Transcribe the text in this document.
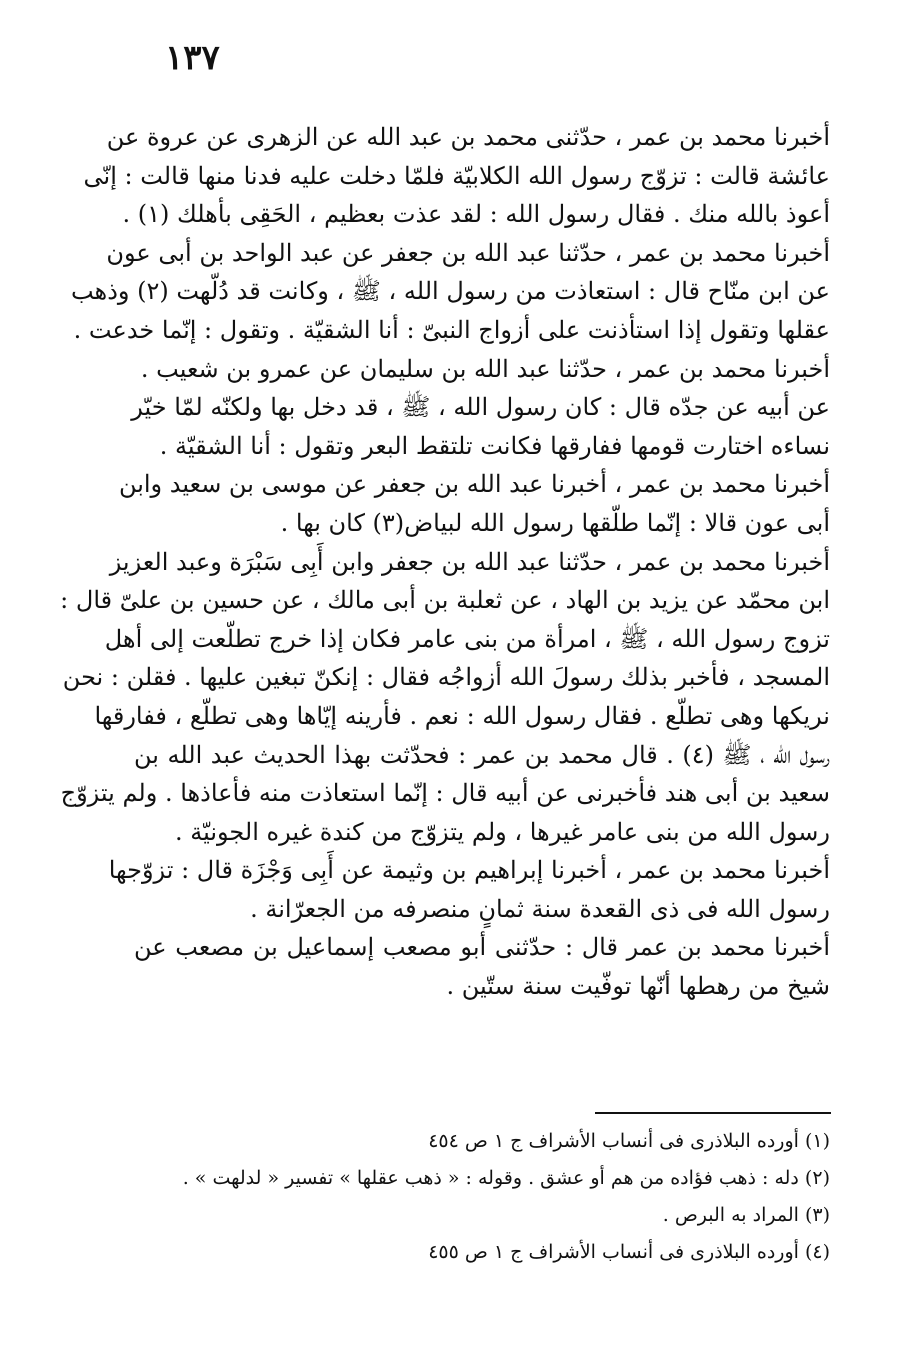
١٣٧

أخبرنا محمد بن عمر ، حدّثنى محمد بن عبد الله عن الزهرى عن عروة عن
عائشة قالت : تزوّج رسول الله الكلابيّة فلمّا دخلت عليه فدنا منها قالت : إنّى
أعوذ بالله منك . فقال رسول الله : لقد عذت بعظيم ، الحَقِى بأهلك (١) .

أخبرنا محمد بن عمر ، حدّثنا عبد الله بن جعفر عن عبد الواحد بن أبى عون
عن ابن منّاح قال : استعاذت من رسول الله ، ﷺ ، وكانت قد دُلّهت (٢) وذهب
عقلها وتقول إذا استأذنت على أزواج النبىّ : أنا الشقيّة . وتقول : إنّما خدعت .

أخبرنا محمد بن عمر ، حدّثنا عبد الله بن سليمان عن عمرو بن شعيب .

عن أبيه عن جدّه قال : كان رسول الله ، ﷺ ، قد دخل بها ولكنّه لمّا خيّر
نساءه اختارت قومها ففارقها فكانت تلتقط البعر وتقول : أنا الشقيّة .

أخبرنا محمد بن عمر ، أخبرنا عبد الله بن جعفر عن موسى بن سعيد وابن
أبى عون قالا : إنّما طلّقها رسول الله لبياض(٣) كان بها .

أخبرنا محمد بن عمر ، حدّثنا عبد الله بن جعفر وابن أَبِى سَبْرَة وعبد العزيز
ابن محمّد عن يزيد بن الهاد ، عن ثعلبة بن أبى مالك ، عن حسين بن علىّ قال :
تزوج رسول الله ، ﷺ ، امرأة من بنى عامر فكان إذا خرج تطلّعت إلى أهل
المسجد ، فأخبر بذلك رسولَ الله أزواجُه فقال : إنكنّ تبغين عليها . فقلن : نحن
نريكها وهى تطلّع . فقال رسول الله : نعم . فأرينه إيّاها وهى تطلّع ، ففارقها
رسول الله ، ﷺ (٤) . قال محمد بن عمر : فحدّثت بهذا الحديث عبد الله بن
سعيد بن أبى هند فأخبرنى عن أبيه قال : إنّما استعاذت منه فأعاذها . ولم يتزوّج
رسول الله من بنى عامر غيرها ، ولم يتزوّج من كندة غيره الجونيّة .

أخبرنا محمد بن عمر ، أخبرنا إبراهيم بن وثيمة عن أَبِى وَجْزَة قال : تزوّجها
رسول الله فى ذى القعدة سنة ثمانٍ منصرفه من الجعرّانة .

أخبرنا محمد بن عمر قال : حدّثنى أبو مصعب إسماعيل بن مصعب عن
شيخ من رهطها أنّها توفّيت سنة ستّين .

(١) أورده البلاذرى فى أنساب الأشراف ج ١ ص ٤٥٤
(٢) دله : ذهب فؤاده من هم أو عشق . وقوله : « ذهب عقلها » تفسير « لدلهت » .
(٣) المراد به البرص .
(٤) أورده البلاذرى فى أنساب الأشراف ج ١ ص ٤٥٥
